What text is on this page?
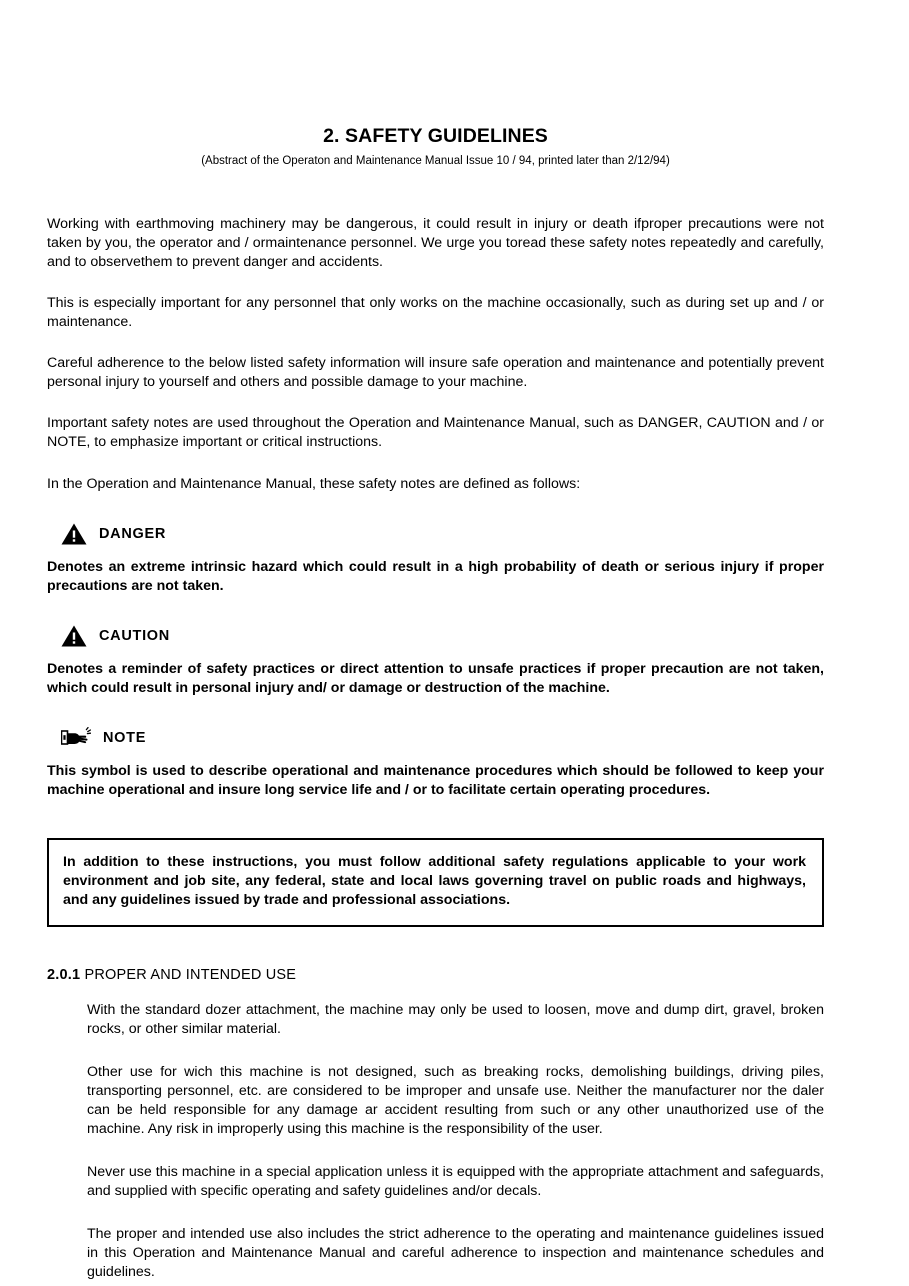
2. SAFETY GUIDELINES
(Abstract of the Operaton and Maintenance Manual Issue 10 / 94, printed later than 2/12/94)

Working with earthmoving machinery may be dangerous, it could result in injury or death ifproper precautions were not taken by you, the operator and / ormaintenance personnel. We urge you toread these safety notes repeatedly and carefully, and to observethem to prevent danger and accidents.

This is especially important for any personnel that only works on the machine occasionally, such as during set up and / or maintenance.

Careful adherence to the below listed safety information will insure safe operation and maintenance and potentially prevent personal injury to yourself and others and possible damage to your machine.

Important safety notes are used throughout the Operation and Maintenance Manual, such as DANGER, CAUTION and / or NOTE, to emphasize important or critical instructions.

In the Operation and Maintenance Manual, these safety notes are defined as follows:

DANGER

Denotes an extreme intrinsic hazard which could result in a high probability of death or serious injury if proper precautions are not taken.

CAUTION

Denotes a reminder of safety practices or direct attention to unsafe practices if proper precaution are not taken, which could result in personal injury and/ or damage or destruction of the machine.

NOTE

This symbol is used to describe operational and maintenance procedures which should be followed to keep your machine operational and insure long service life and / or to facilitate certain operating procedures.

In addition to these instructions, you must follow additional safety regulations applicable to your work environment and job site, any federal, state and local laws governing travel on public roads and highways, and any guidelines issued by trade and professional associations.

2.0.1 PROPER AND INTENDED USE

With the standard dozer attachment, the machine may only be used to loosen, move and dump dirt, gravel, broken rocks, or other similar material.

Other use for wich this machine is not designed, such as breaking rocks, demolishing buildings, driving piles, transporting personnel, etc. are considered to be improper and unsafe use. Neither the manufacturer nor the daler can be held responsible for any damage ar accident resulting from such or any other unauthorized use of the machine. Any risk in improperly using this machine is the responsibility of the user.

Never use this machine in a special application unless it is equipped with the appropriate attachment and safeguards, and supplied with specific operating and safety guidelines and/or decals.

The proper and intended use also includes the strict adherence to the operating and maintenance guidelines issued in this Operation and Maintenance Manual and careful adherence to inspection and maintenance schedules and guidelines.
